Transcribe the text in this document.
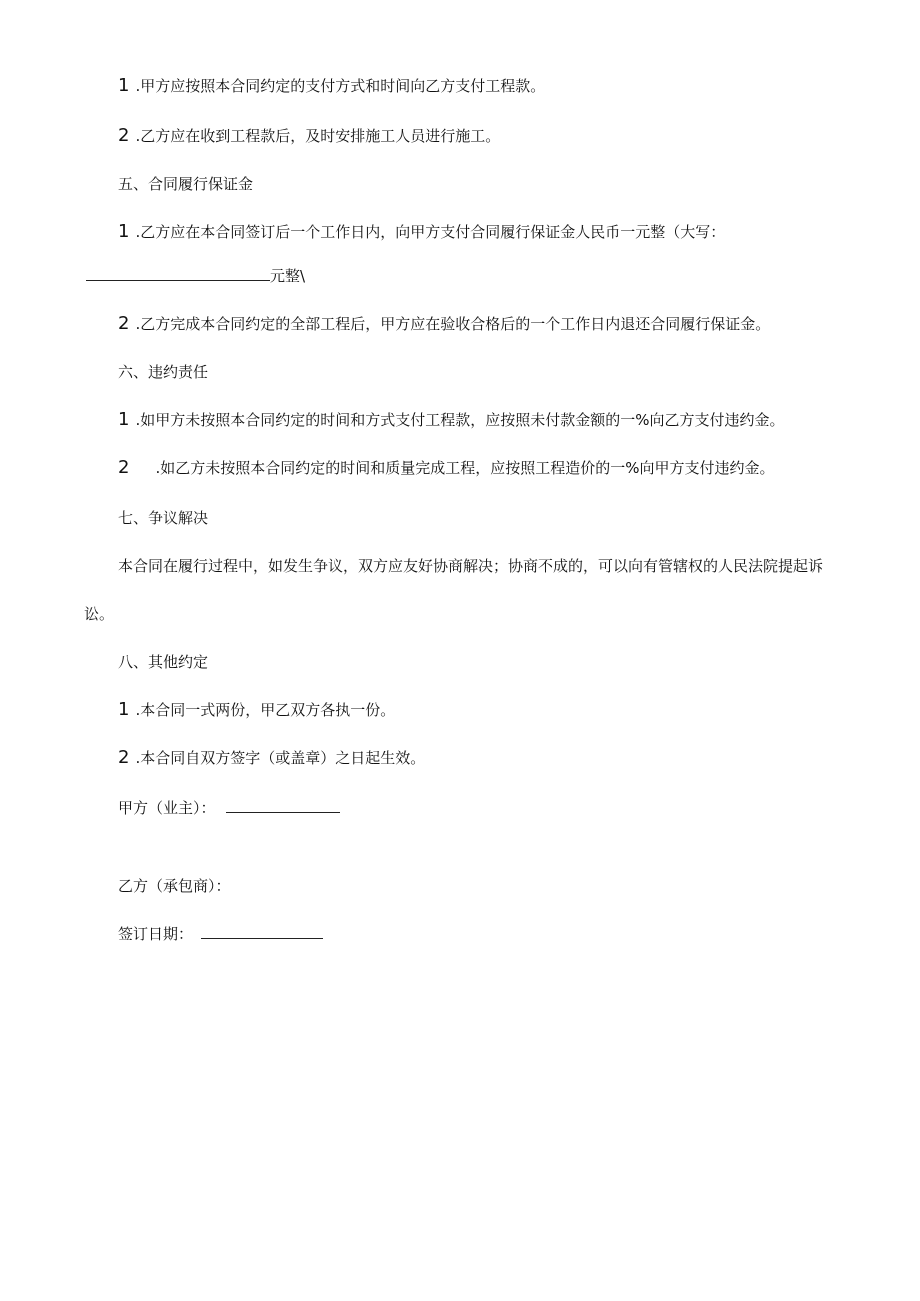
1 .甲方应按照本合同约定的支付方式和时间向乙方支付工程款。
2 .乙方应在收到工程款后，及时安排施工人员进行施工。
五、合同履行保证金
1 .乙方应在本合同签订后一个工作日内，向甲方支付合同履行保证金人民币一元整（大写：
元整\
2 .乙方完成本合同约定的全部工程后，甲方应在验收合格后的一个工作日内退还合同履行保证金。
六、违约责任
1 .如甲方未按照本合同约定的时间和方式支付工程款，应按照未付款金额的一%向乙方支付违约金。
2 .如乙方未按照本合同约定的时间和质量完成工程，应按照工程造价的一%向甲方支付违约金。
七、争议解决
本合同在履行过程中，如发生争议，双方应友好协商解决；协商不成的，可以向有管辖权的人民法院提起诉
讼。
八、其他约定
1 .本合同一式两份，甲乙双方各执一份。
2 .本合同自双方签字（或盖章）之日起生效。
甲方（业主）：
乙方（承包商）：
签订日期：
